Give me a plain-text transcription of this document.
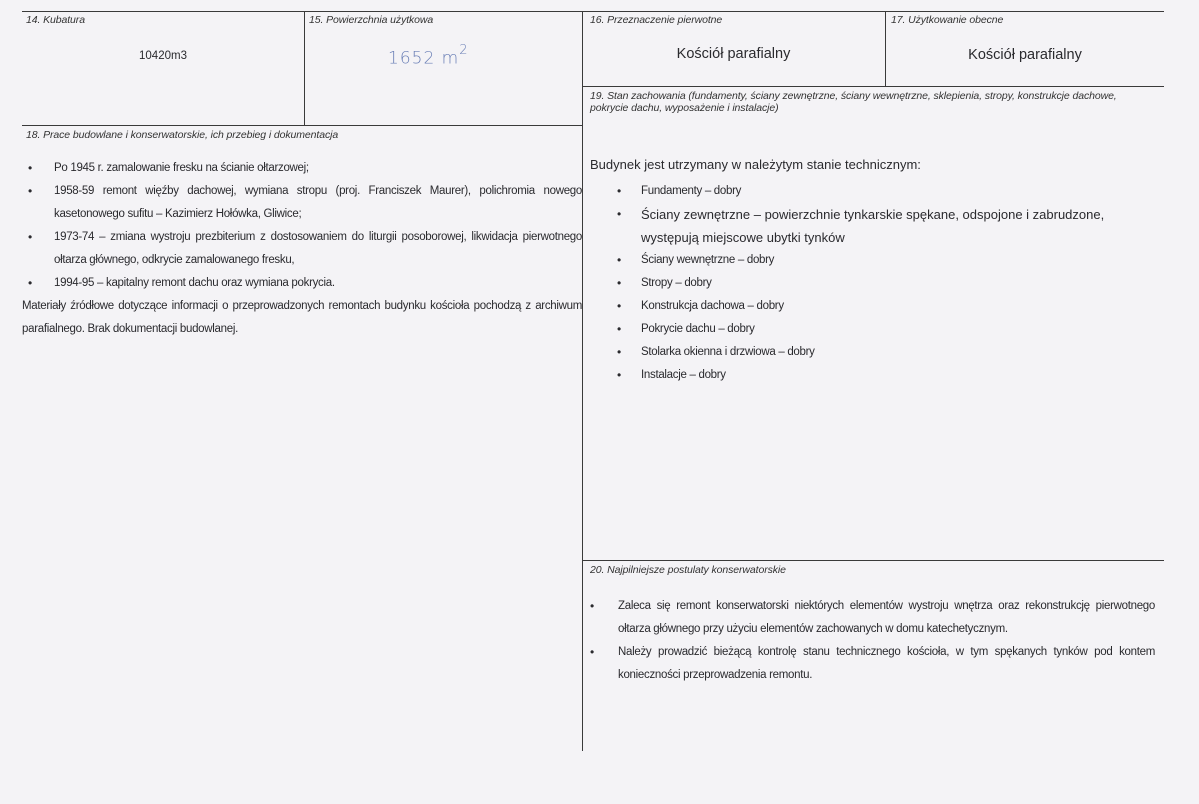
14. Kubatura
10420m3
15. Powierzchnia użytkowa
1652 $m^2$
16. Przeznaczenie pierwotne
Kościół parafialny
17. Użytkowanie obecne
Kościół parafialny
18. Prace budowlane i konserwatorskie, ich przebieg i dokumentacja
• Po 1945 r. zamalowanie fresku na ścianie ołtarzowej;
• 1958-59 remont więźby dachowej, wymiana stropu (proj. Franciszek Maurer), polichromia nowego kasetonowego sufitu – Kazimierz Hołówka, Gliwice;
• 1973-74 – zmiana wystroju prezbiterium z dostosowaniem do liturgii posoborowej, likwidacja pierwotnego ołtarza głównego, odkrycie zamalowanego fresku,
• 1994-95 – kapitalny remont dachu oraz wymiana pokrycia.

Materiały źródłowe dotyczące informacji o przeprowadzonych remontach budynku kościoła pochodzą z archiwum parafialnego. Brak dokumentacji budowlanej.

19. Stan zachowania (fundamenty, ściany zewnętrzne, ściany wewnętrzne, sklepienia, stropy, konstrukcje dachowe, pokrycie dachu, wyposażenie i instalacje)

Budynek jest utrzymany w należytym stanie technicznym:

• Fundamenty – dobry
• Ściany zewnętrzne – powierzchnie tynkarskie spękane, odspojone i zabrudzone, występują miejscowe ubytki tynków
• Ściany wewnętrzne – dobry
• Stropy – dobry
• Konstrukcja dachowa – dobry
• Pokrycie dachu – dobry
• Stolarka okienna i drzwiowa – dobry
• Instalacje – dobry
20. Najpilniejsze postulaty konserwatorskie
• Zaleca się remont konserwatorski niektórych elementów wystroju wnętrza oraz rekonstrukcję pierwotnego ołtarza głównego przy użyciu elementów zachowanych w domu katechetycznym.
• Należy prowadzić bieżącą kontrolę stanu technicznego kościoła, w tym spękanych tynków pod kontem konieczności przeprowadzenia remontu.
